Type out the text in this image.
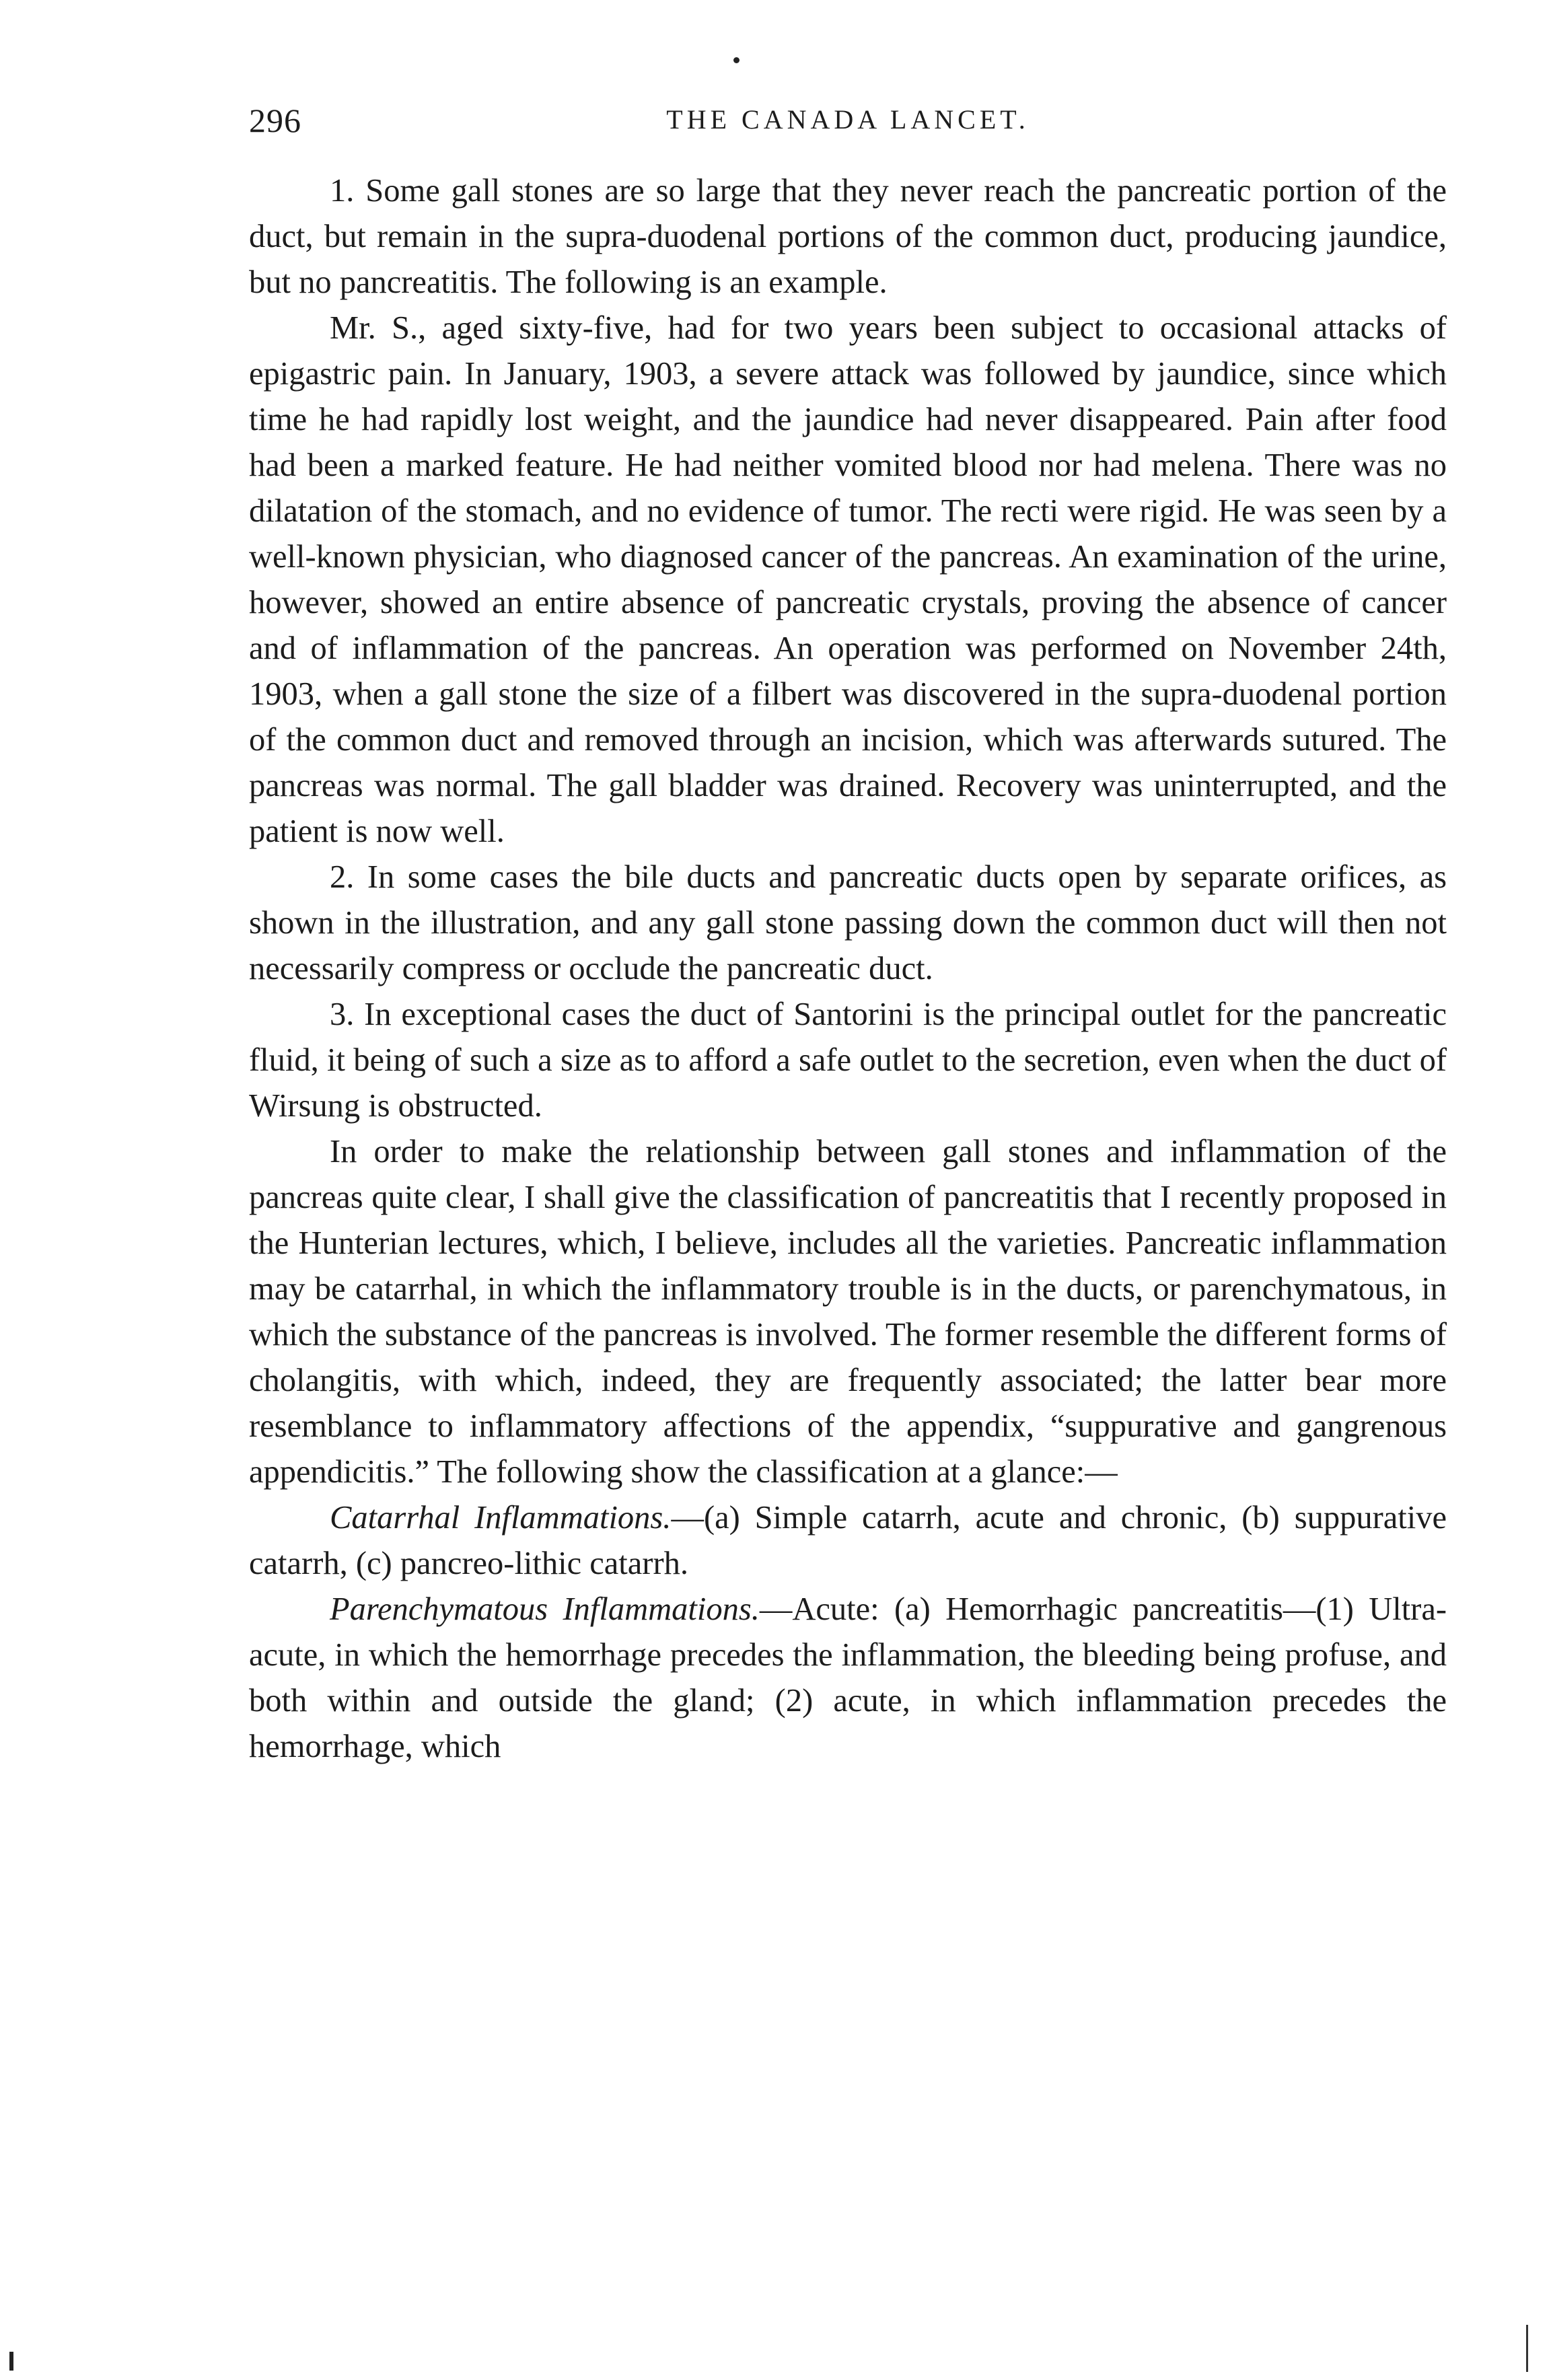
296	THE CANADA LANCET.

1. Some gall stones are so large that they never reach the pancreatic portion of the duct, but remain in the supra-duodenal portions of the common duct, producing jaundice, but no pancreatitis. The following is an example.

Mr. S., aged sixty-five, had for two years been subject to occasional attacks of epigastric pain. In January, 1903, a severe attack was followed by jaundice, since which time he had rapidly lost weight, and the jaundice had never disappeared. Pain after food had been a marked feature. He had neither vomited blood nor had melena. There was no dilatation of the stomach, and no evidence of tumor. The recti were rigid. He was seen by a well-known physician, who diagnosed cancer of the pancreas. An examination of the urine, however, showed an entire absence of pancreatic crystals, proving the absence of cancer and of inflammation of the pancreas. An operation was performed on November 24th, 1903, when a gall stone the size of a filbert was discovered in the supra-duodenal portion of the common duct and removed through an incision, which was afterwards sutured. The pancreas was normal. The gall bladder was drained. Recovery was uninterrupted, and the patient is now well.

2. In some cases the bile ducts and pancreatic ducts open by separate orifices, as shown in the illustration, and any gall stone passing down the common duct will then not necessarily compress or occlude the pancreatic duct.

3. In exceptional cases the duct of Santorini is the principal outlet for the pancreatic fluid, it being of such a size as to afford a safe outlet to the secretion, even when the duct of Wirsung is obstructed.

In order to make the relationship between gall stones and inflammation of the pancreas quite clear, I shall give the classification of pancreatitis that I recently proposed in the Hunterian lectures, which, I believe, includes all the varieties. Pancreatic inflammation may be catarrhal, in which the inflammatory trouble is in the ducts, or parenchymatous, in which the substance of the pancreas is involved. The former resemble the different forms of cholangitis, with which, indeed, they are frequently associated; the latter bear more resemblance to inflammatory affections of the appendix, “suppurative and gangrenous appendicitis.” The following show the classification at a glance:—

Catarrhal Inflammations.—(a) Simple catarrh, acute and chronic, (b) suppurative catarrh, (c) pancreo-lithic catarrh.

Parenchymatous Inflammations.—Acute: (a) Hemorrhagic pancreatitis—(1) Ultra-acute, in which the hemorrhage precedes the inflammation, the bleeding being profuse, and both within and outside the gland; (2) acute, in which inflammation precedes the hemorrhage, which
